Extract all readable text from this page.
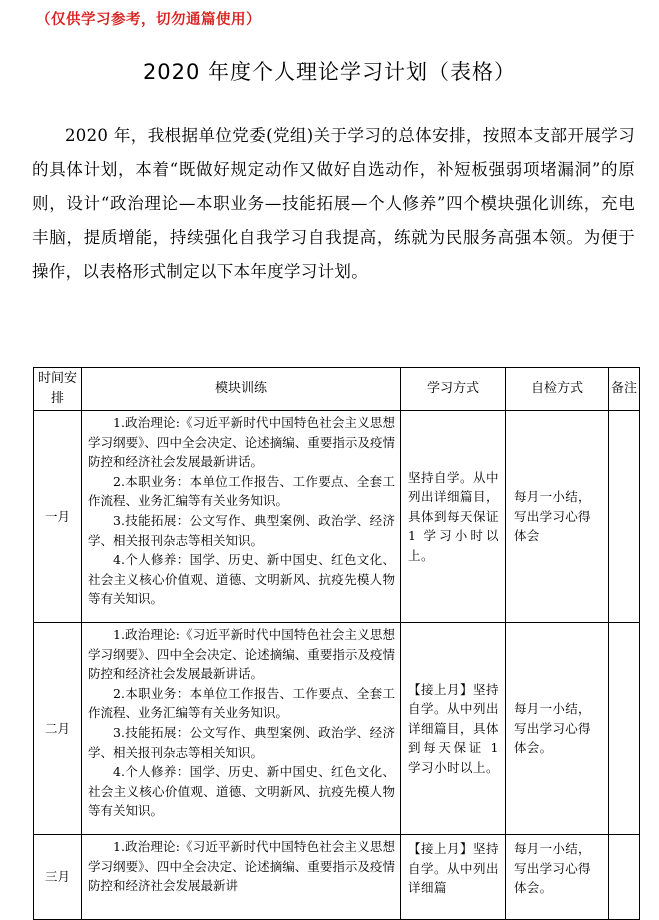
（仅供学习参考，切勿通篇使用）
2020 年度个人理论学习计划（表格）
2020 年，我根据单位党委(党组)关于学习的总体安排，按照本支部开展学习的具体计划，本着“既做好规定动作又做好自选动作，补短板强弱项堵漏洞”的原则，设计“政治理论—本职业务—技能拓展—个人修养”四个模块强化训练，充电丰脑，提质增能，持续强化自我学习自我提高，练就为民服务高强本领。为便于操作，以表格形式制定以下本年度学习计划。
时间安排	模块训练	学习方式	自检方式	备注
一月	1.政治理论:《习近平新时代中国特色社会主义思想学习纲要》、四中全会决定、论述摘编、重要指示及疫情防控和经济社会发展最新讲话。

2.本职业务：本单位工作报告、工作要点、全套工作流程、业务汇编等有关业务知识。

3.技能拓展：公文写作、典型案例、政治学、经济学、相关报刊杂志等相关知识。

4.个人修养：国学、历史、新中国史、红色文化、社会主义核心价值观、道德、文明新风、抗疫先模人物等有关知识。	坚持自学。从中列出详细篇目，具体到每天保证 1 学习小时以上。	每月一小结，写出学习心得体会	
二月	1.政治理论:《习近平新时代中国特色社会主义思想学习纲要》、四中全会决定、论述摘编、重要指示及疫情防控和经济社会发展最新讲话。

2.本职业务：本单位工作报告、工作要点、全套工作流程、业务汇编等有关业务知识。

3.技能拓展：公文写作、典型案例、政治学、经济学、相关报刊杂志等相关知识。

4.个人修养：国学、历史、新中国史、红色文化、社会主义核心价值观、道德、文明新风、抗疫先模人物等有关知识。	【接上月】坚持自学。从中列出详细篇目，具体到每天保证 1 学习小时以上。	每月一小结，写出学习心得体会。	
三月	1.政治理论:《习近平新时代中国特色社会主义思想学习纲要》、四中全会决定、论述摘编、重要指示及疫情防控和经济社会发展最新讲	【接上月】坚持自学。从中列出详细篇	每月一小结，写出学习心得体会。	
